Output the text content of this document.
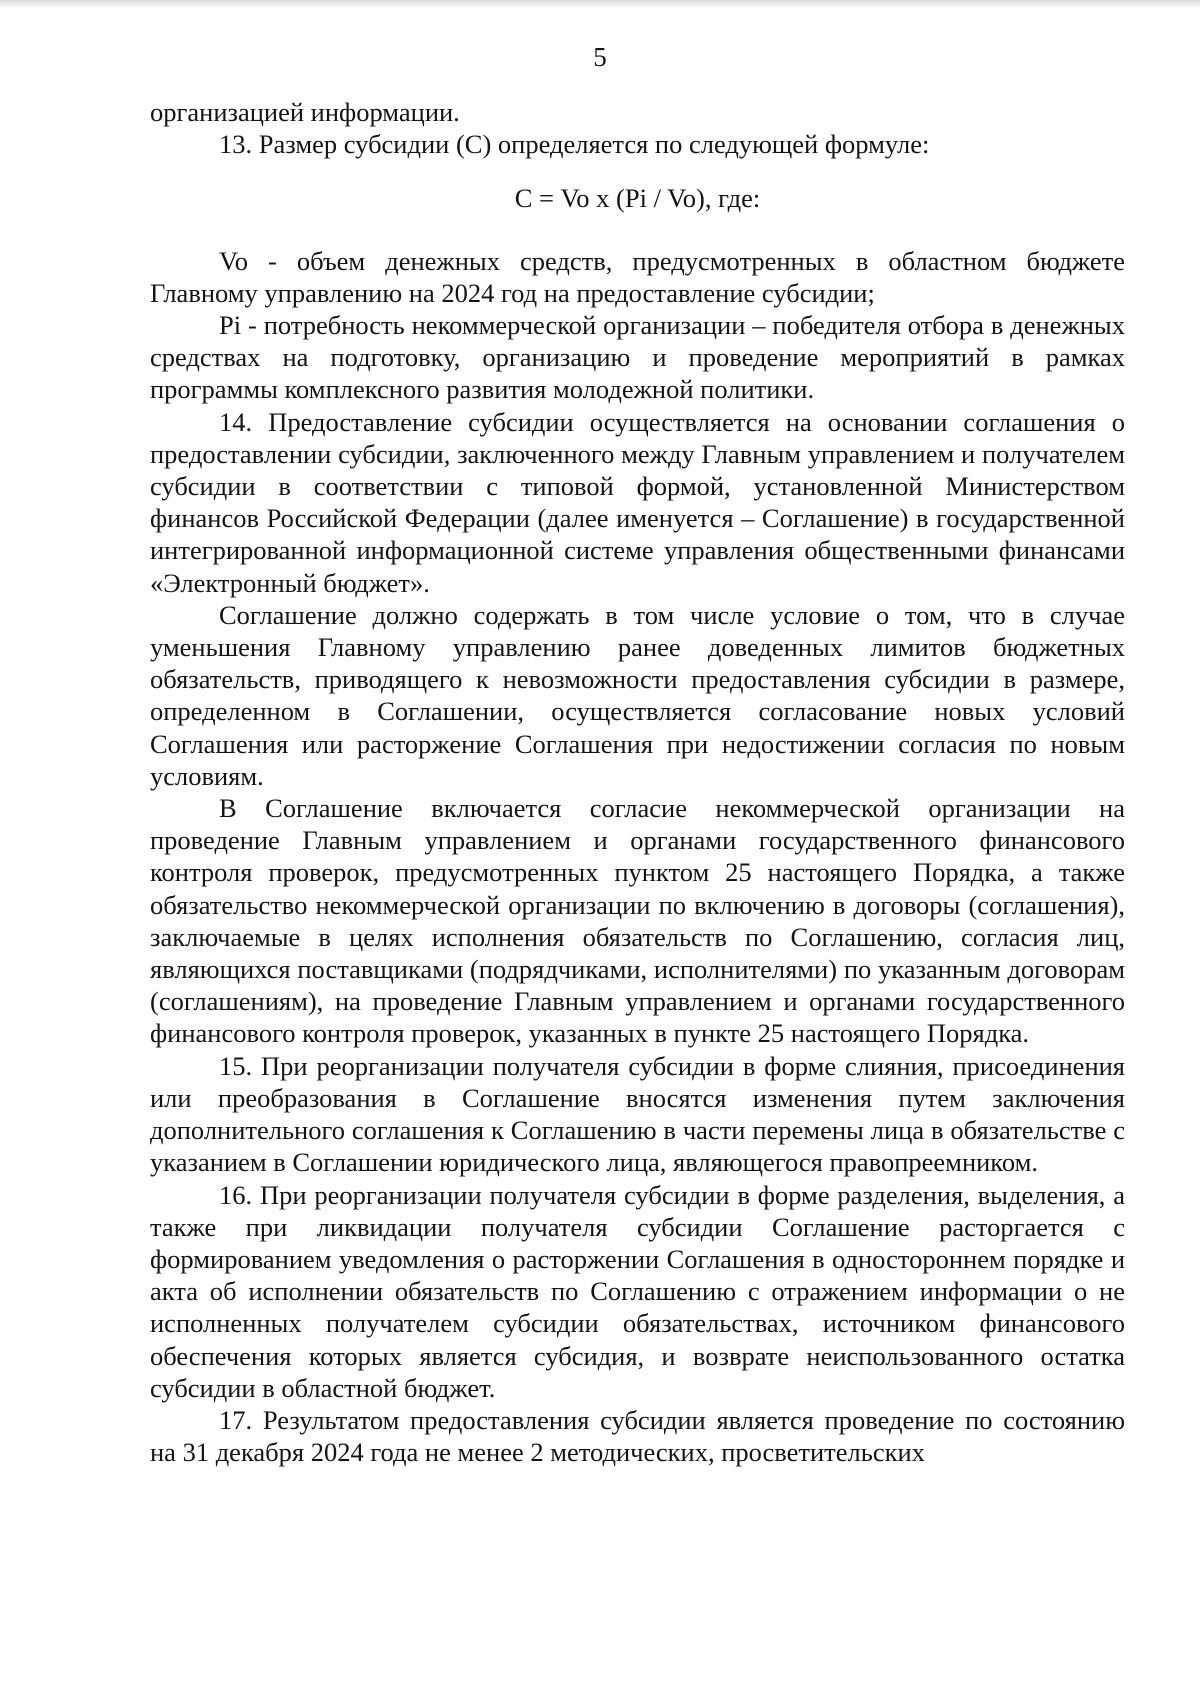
5

организацией информации.

13. Размер субсидии (С) определяется по следующей формуле:

С = Vo x (Pi / Vo), где:

Vo - объем денежных средств, предусмотренных в областном бюджете Главному управлению на 2024 год на предоставление субсидии;

Pi - потребность некоммерческой организации – победителя отбора в денежных средствах на подготовку, организацию и проведение мероприятий в рамках программы комплексного развития молодежной политики.

14. Предоставление субсидии осуществляется на основании соглашения о предоставлении субсидии, заключенного между Главным управлением и получателем субсидии в соответствии с типовой формой, установленной Министерством финансов Российской Федерации (далее именуется – Соглашение) в государственной интегрированной информационной системе управления общественными финансами «Электронный бюджет».

Соглашение должно содержать в том числе условие о том, что в случае уменьшения Главному управлению ранее доведенных лимитов бюджетных обязательств, приводящего к невозможности предоставления субсидии в размере, определенном в Соглашении, осуществляется согласование новых условий Соглашения или расторжение Соглашения при недостижении согласия по новым условиям.

В Соглашение включается согласие некоммерческой организации на проведение Главным управлением и органами государственного финансового контроля проверок, предусмотренных пунктом 25 настоящего Порядка, а также обязательство некоммерческой организации по включению в договоры (соглашения), заключаемые в целях исполнения обязательств по Соглашению, согласия лиц, являющихся поставщиками (подрядчиками, исполнителями) по указанным договорам (соглашениям), на проведение Главным управлением и органами государственного финансового контроля проверок, указанных в пункте 25 настоящего Порядка.

15. При реорганизации получателя субсидии в форме слияния, присоединения или преобразования в Соглашение вносятся изменения путем заключения дополнительного соглашения к Соглашению в части перемены лица в обязательстве с указанием в Соглашении юридического лица, являющегося правопреемником.

16. При реорганизации получателя субсидии в форме разделения, выделения, а также при ликвидации получателя субсидии Соглашение расторгается с формированием уведомления о расторжении Соглашения в одностороннем порядке и акта об исполнении обязательств по Соглашению с отражением информации о не исполненных получателем субсидии обязательствах, источником финансового обеспечения которых является субсидия, и возврате неиспользованного остатка субсидии в областной бюджет.

17. Результатом предоставления субсидии является проведение по состоянию на 31 декабря 2024 года не менее 2 методических, просветительских
